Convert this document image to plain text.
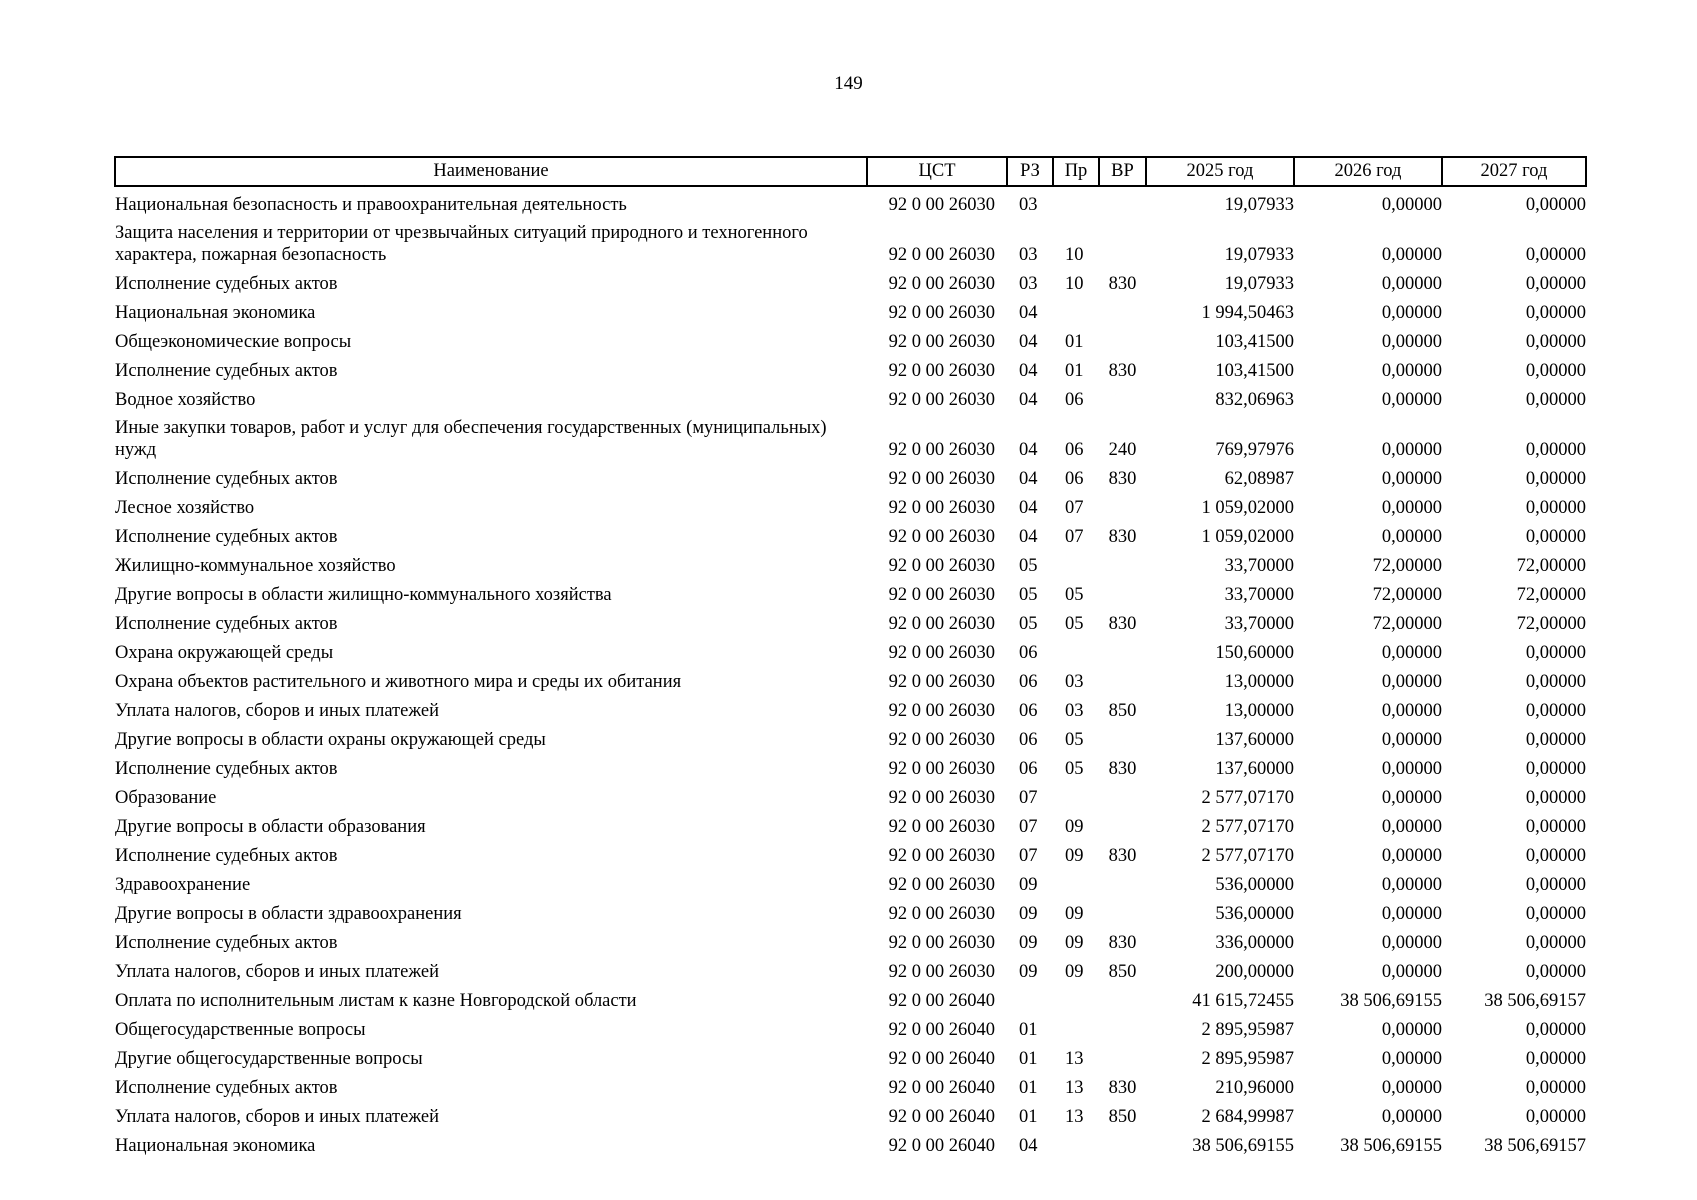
149
Наименование	ЦСТ	РЗ	Пр	ВР	2025 год	2026 год	2027 год
Национальная безопасность и правоохранительная деятельность	92 0 00 26030	03			19,07933	0,00000	0,00000
Защита населения и территории от чрезвычайных ситуаций природного и техногенного характера, пожарная безопасность	92 0 00 26030	03	10		19,07933	0,00000	0,00000
Исполнение судебных актов	92 0 00 26030	03	10	830	19,07933	0,00000	0,00000
Национальная экономика	92 0 00 26030	04			1 994,50463	0,00000	0,00000
Общеэкономические вопросы	92 0 00 26030	04	01		103,41500	0,00000	0,00000
Исполнение судебных актов	92 0 00 26030	04	01	830	103,41500	0,00000	0,00000
Водное хозяйство	92 0 00 26030	04	06		832,06963	0,00000	0,00000
Иные закупки товаров, работ и услуг для обеспечения государственных (муниципальных) нужд	92 0 00 26030	04	06	240	769,97976	0,00000	0,00000
Исполнение судебных актов	92 0 00 26030	04	06	830	62,08987	0,00000	0,00000
Лесное хозяйство	92 0 00 26030	04	07		1 059,02000	0,00000	0,00000
Исполнение судебных актов	92 0 00 26030	04	07	830	1 059,02000	0,00000	0,00000
Жилищно-коммунальное хозяйство	92 0 00 26030	05			33,70000	72,00000	72,00000
Другие вопросы в области жилищно-коммунального хозяйства	92 0 00 26030	05	05		33,70000	72,00000	72,00000
Исполнение судебных актов	92 0 00 26030	05	05	830	33,70000	72,00000	72,00000
Охрана окружающей среды	92 0 00 26030	06			150,60000	0,00000	0,00000
Охрана объектов растительного и животного мира и среды их обитания	92 0 00 26030	06	03		13,00000	0,00000	0,00000
Уплата налогов, сборов и иных платежей	92 0 00 26030	06	03	850	13,00000	0,00000	0,00000
Другие вопросы в области охраны окружающей среды	92 0 00 26030	06	05		137,60000	0,00000	0,00000
Исполнение судебных актов	92 0 00 26030	06	05	830	137,60000	0,00000	0,00000
Образование	92 0 00 26030	07			2 577,07170	0,00000	0,00000
Другие вопросы в области образования	92 0 00 26030	07	09		2 577,07170	0,00000	0,00000
Исполнение судебных актов	92 0 00 26030	07	09	830	2 577,07170	0,00000	0,00000
Здравоохранение	92 0 00 26030	09			536,00000	0,00000	0,00000
Другие вопросы в области здравоохранения	92 0 00 26030	09	09		536,00000	0,00000	0,00000
Исполнение судебных актов	92 0 00 26030	09	09	830	336,00000	0,00000	0,00000
Уплата налогов, сборов и иных платежей	92 0 00 26030	09	09	850	200,00000	0,00000	0,00000
Оплата по исполнительным листам к казне Новгородской области	92 0 00 26040				41 615,72455	38 506,69155	38 506,69157
Общегосударственные вопросы	92 0 00 26040	01			2 895,95987	0,00000	0,00000
Другие общегосударственные вопросы	92 0 00 26040	01	13		2 895,95987	0,00000	0,00000
Исполнение судебных актов	92 0 00 26040	01	13	830	210,96000	0,00000	0,00000
Уплата налогов, сборов и иных платежей	92 0 00 26040	01	13	850	2 684,99987	0,00000	0,00000
Национальная экономика	92 0 00 26040	04			38 506,69155	38 506,69155	38 506,69157
